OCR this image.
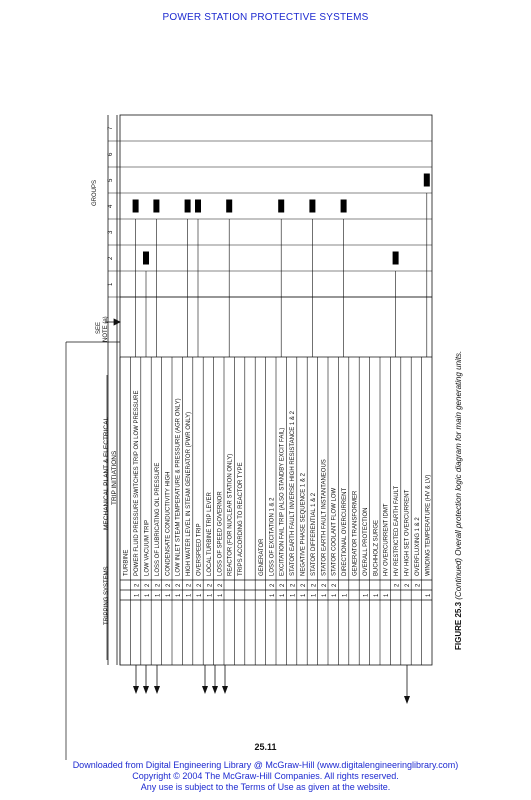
POWER STATION PROTECTIVE SYSTEMS
TURBINE
1
2
POWER FLUID PRESSURE SWITCHES TRIP ON LOW PRESSURE
1
2
LOW VACUUM TRIP
1
2
LOSS OF LUBRICATING OIL PRESSURE
1
2
CONDENSATE CONDUCTIVITY HIGH
1
2
LOW INLET STEAM TEMPERATURE & PRESSURE (AGR ONLY)
1
2
HIGH WATER LEVEL IN STEAM GENERATOR (PWR ONLY)
1
2
OVERSPEED TRIP
1
2
LOCAL TURBINE TRIP LEVER
1
2
LOSS OF SPEED GOVERNOR REACTOR (FOR NUCLEAR STATION ONLY) TRIPS ACCORDING TO REACTOR TYPE GENERATOR
1
2
LOSS OF EXCITATION 1 & 2
1
2
EXCITATION FAIL TRIP (ALSO STANDBY EXCIT FAIL)
1
2
STATOR EARTH FAULT INVERSE HIGH RESISTANCE 1 & 2
1
2
NEGATIVE PHASE SEQUENCE 1 & 2
1
2
STATOR DIFFERENTIAL 1 & 2
1
2
STATOR EARTH FAULT INSTANTANEOUS
1
2
STATOR COOLANT FLOW LOW
1
DIRECTIONAL OVERCURRENT GENERATOR TRANSFORMER
1
OVERALL PROTECTION
1
BUCHHOLZ SURGE
1
HV OVERCURRENT IDMT
2
HV RESTRICTED EARTH FAULT
2
HV HIGH SET OVERCURRENT
2
OVERFLUXING 1 & 2
1
WINDING TEMPERATURE (HV & LV)
1
2
3
4
5
6
7
GROUPS
MECHANICAL PLANT & ELECTRICAL TRIP INITIATIONS
TRIPPING SYSTEMS
SEE NOTE (a)
FIGURE 25.3 (Continued) Overall protection logic diagram for main generating units.
25.11
Downloaded from Digital Engineering Library @ McGraw-Hill (www.digitalengineeringlibrary.com)
Copyright © 2004 The McGraw-Hill Companies. All rights reserved.
Any use is subject to the Terms of Use as given at the website.
